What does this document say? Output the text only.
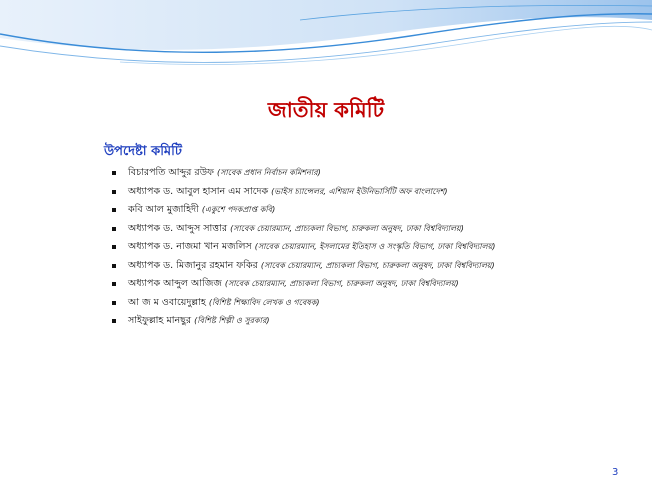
জাতীয় কমিটি
উপদেষ্টা কমিটি
বিচারপতি আব্দুর রউফ (সাবেক প্রধান নির্বাচন কমিশনার)
অধ্যাপক ড. আবুল হাসান এম সাদেক (ভাইস চ্যান্সেলর, এশিয়ান ইউনিভার্সিটি অফ বাংলাদেশ)
কবি আল মুজাহিদী (একুশে পদকপ্রাপ্ত কবি)
অধ্যাপক ড. আব্দুস সাত্তার (সাবেক চেয়ারম্যান, প্রাচ্যকলা বিভাগ, চারুকলা অনুষদ, ঢাকা বিশ্ববিদ্যালয়)
অধ্যাপক ড. নাজমা খান মজলিস (সাবেক চেয়ারম্যান, ইসলামের ইতিহাস ও সংস্কৃতি বিভাগ, ঢাকা বিশ্ববিদ্যালয়)
অধ্যাপক ড. মিজানুর রহমান ফকির (সাবেক চেয়ারম্যান, প্রাচ্যকলা বিভাগ, চারুকলা অনুষদ, ঢাকা বিশ্ববিদ্যালয়)
অধ্যাপক আব্দুল আজিজ (সাবেক চেয়ারম্যান, প্রাচ্যকলা বিভাগ, চারুকলা অনুষদ, ঢাকা বিশ্ববিদ্যালয়)
আ জ ম ওবায়েদুল্লাহ (বিশিষ্ট শিক্ষাবিদ লেখক ও গবেষক)
সাইফুল্লাহ মানছুর (বিশিষ্ট শিল্পী ও সুরকার)

3
